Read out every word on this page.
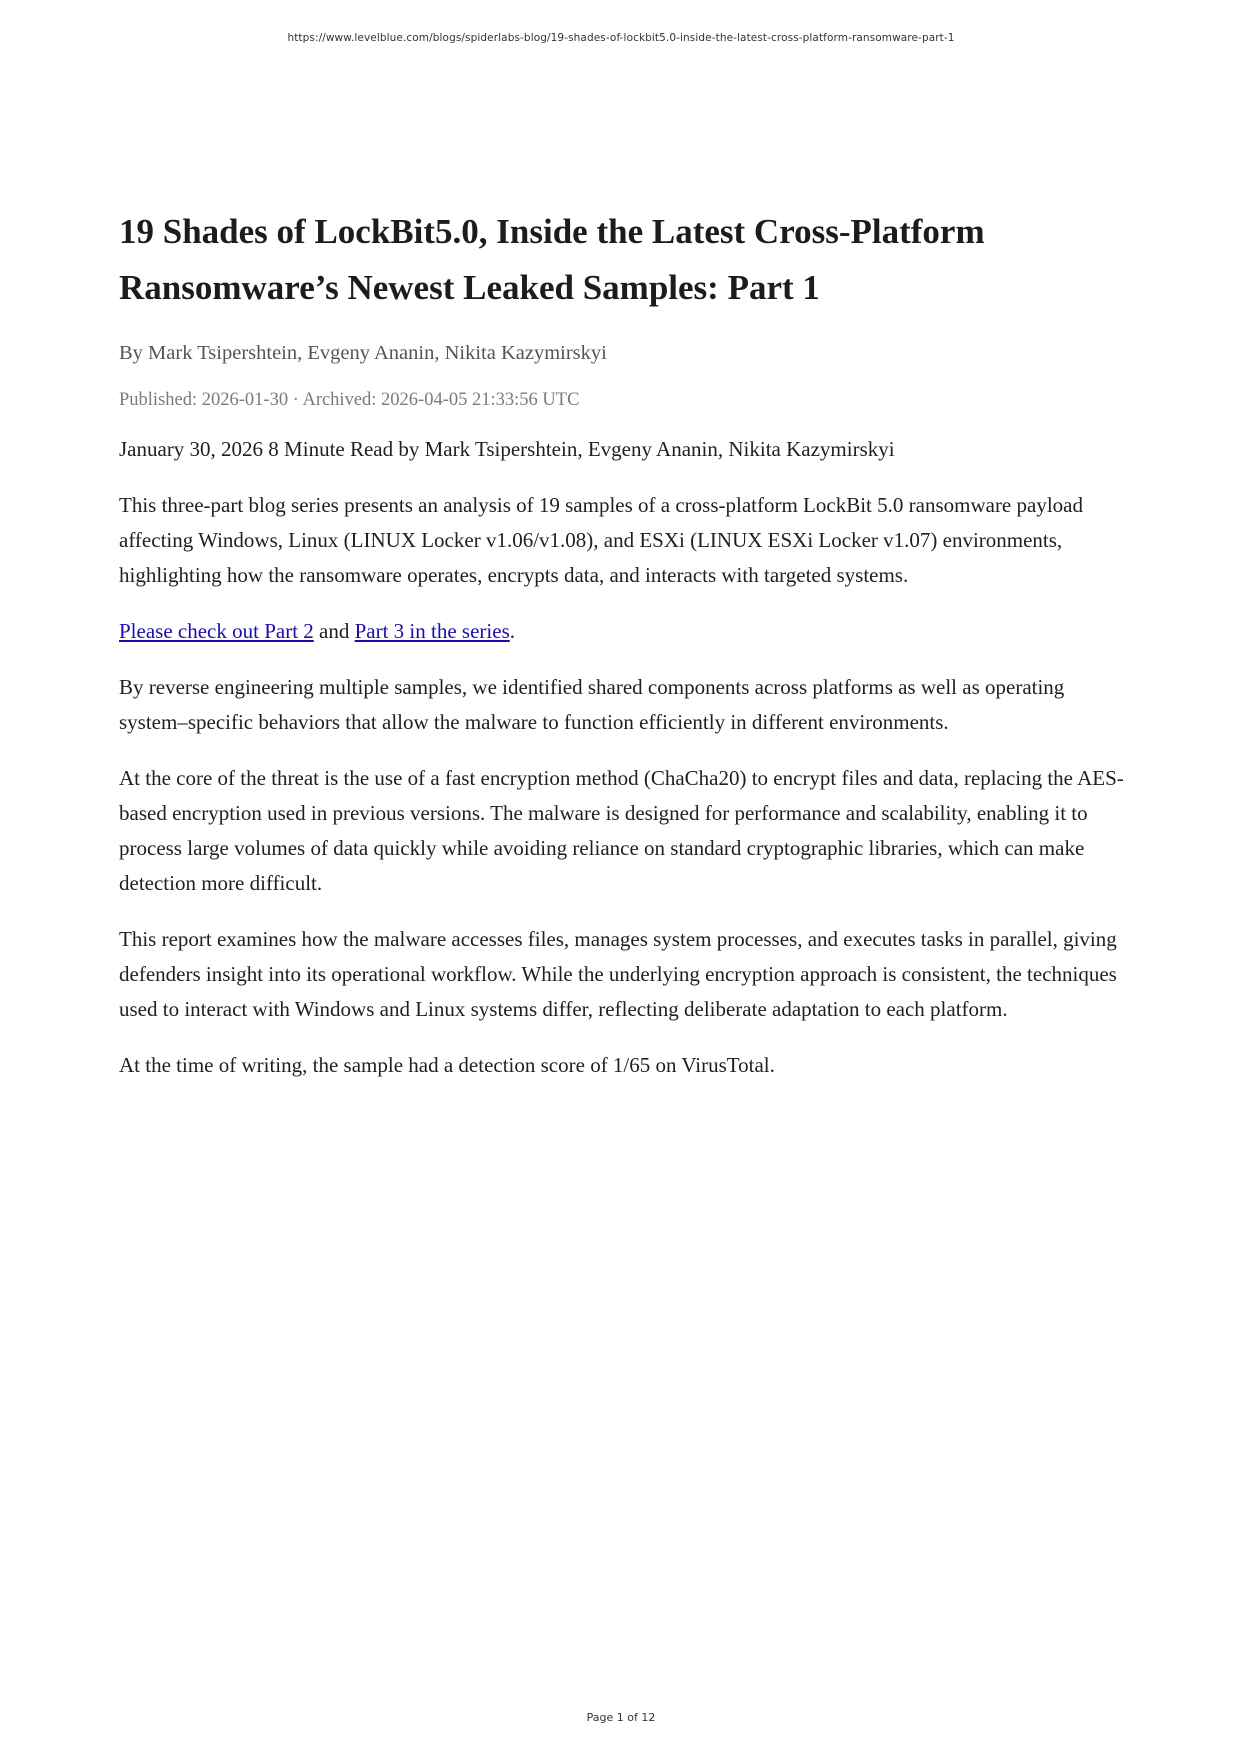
https://www.levelblue.com/blogs/spiderlabs-blog/19-shades-of-lockbit5.0-inside-the-latest-cross-platform-ransomware-part-1
19 Shades of LockBit5.0, Inside the Latest Cross-Platform Ransomware’s Newest Leaked Samples: Part 1
By Mark Tsipershtein, Evgeny Ananin, Nikita Kazymirskyi
Published: 2026-01-30 · Archived: 2026-04-05 21:33:56 UTC

January 30, 2026 8 Minute Read by Mark Tsipershtein, Evgeny Ananin, Nikita Kazymirskyi

This three-part blog series presents an analysis of 19 samples of a cross-platform LockBit 5.0 ransomware payload affecting Windows, Linux (LINUX Locker v1.06/v1.08), and ESXi (LINUX ESXi Locker v1.07) environments, highlighting how the ransomware operates, encrypts data, and interacts with targeted systems.

Please check out Part 2 and Part 3 in the series.

By reverse engineering multiple samples, we identified shared components across platforms as well as operating system–specific behaviors that allow the malware to function efficiently in different environments.

At the core of the threat is the use of a fast encryption method (ChaCha20) to encrypt files and data, replacing the AES-based encryption used in previous versions. The malware is designed for performance and scalability, enabling it to process large volumes of data quickly while avoiding reliance on standard cryptographic libraries, which can make detection more difficult.

This report examines how the malware accesses files, manages system processes, and executes tasks in parallel, giving defenders insight into its operational workflow. While the underlying encryption approach is consistent, the techniques used to interact with Windows and Linux systems differ, reflecting deliberate adaptation to each platform.

At the time of writing, the sample had a detection score of 1/65 on VirusTotal.

Page 1 of 12
